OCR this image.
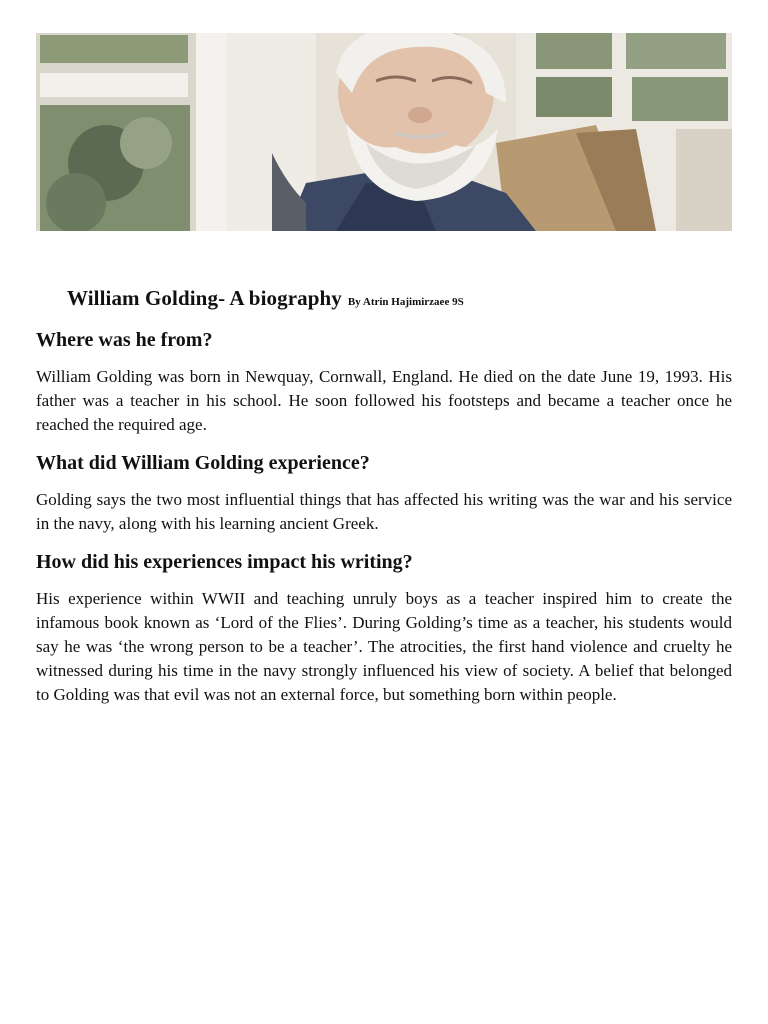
William Golding- A biography By Atrin Hajimirzaee 9S
Where was he from?

William Golding was born in Newquay, Cornwall, England. He died on the date June 19, 1993. His father was a teacher in his school. He soon followed his footsteps and became a teacher once he reached the required age.

What did William Golding experience?

Golding says the two most influential things that has affected his writing was the war and his service in the navy, along with his learning ancient Greek.

How did his experiences impact his writing?

His experience within WWII and teaching unruly boys as a teacher inspired him to create the infamous book known as ‘Lord of the Flies’. During Golding’s time as a teacher, his students would say he was ‘the wrong person to be a teacher’. The atrocities, the first hand violence and cruelty he witnessed during his time in the navy strongly influenced his view of society. A belief that belonged to Golding was that evil was not an external force, but something born within people.
